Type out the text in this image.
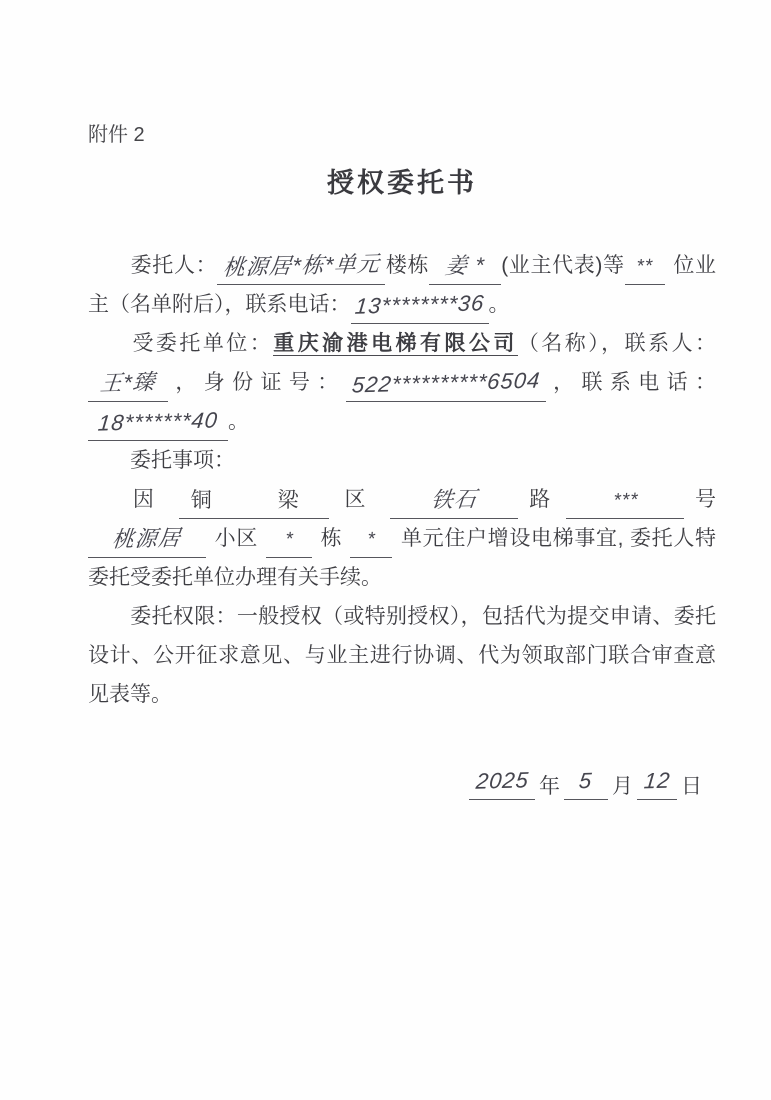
附件 2
授权委托书

委托人： 桃源居*栋*单元 楼栋 姜 * (业主代表)等 ** 位业主（名单附后），联系电话： 13********36 。

受委托单位：重庆渝港电梯有限公司（名称），联系人：王*臻 ，身份证号： 522**********6504 ，联系电话：18*******40 。

委托事项：

因 铜 梁 区	铁石 路	***	号桃源居 小区 * 栋 * 单元住户增设电梯事宜, 委托人特委托受委托单位办理有关手续。

委托权限：一般授权（或特别授权），包括代为提交申请、委托设计、公开征求意见、与业主进行协调、代为领取部门联合审查意见表等。

2025 年 5 月 12 日
